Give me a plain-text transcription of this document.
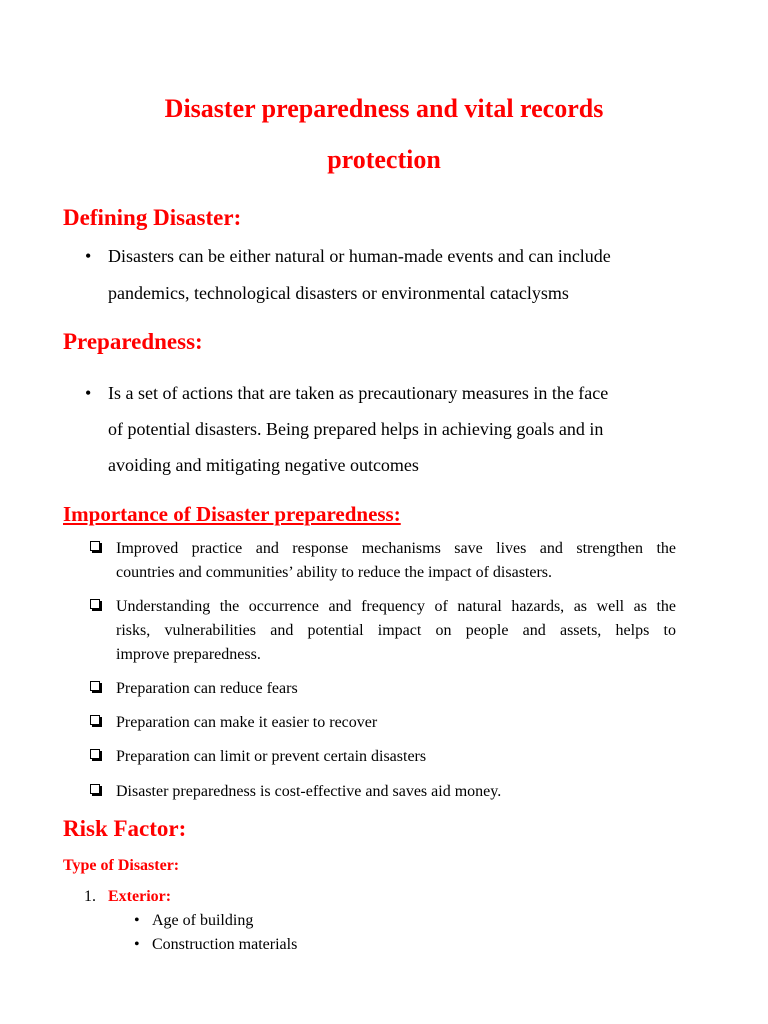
Disaster preparedness and vital records
protection
Defining Disaster:
• Disasters can be either natural or human-made events and can include
pandemics, technological disasters or environmental cataclysms
Preparedness:
• Is a set of actions that are taken as precautionary measures in the face
of potential disasters. Being prepared helps in achieving goals and in
avoiding and mitigating negative outcomes
Importance of Disaster preparedness:
Improved practice and response mechanisms save lives and strengthen the
countries and communities’ ability to reduce the impact of disasters.
Understanding the occurrence and frequency of natural hazards, as well as the
risks, vulnerabilities and potential impact on people and assets, helps to
improve preparedness.
Preparation can reduce fears
Preparation can make it easier to recover
Preparation can limit or prevent certain disasters
Disaster preparedness is cost-effective and saves aid money.
Risk Factor:
Type of Disaster:
1. Exterior:
• Age of building
• Construction materials
